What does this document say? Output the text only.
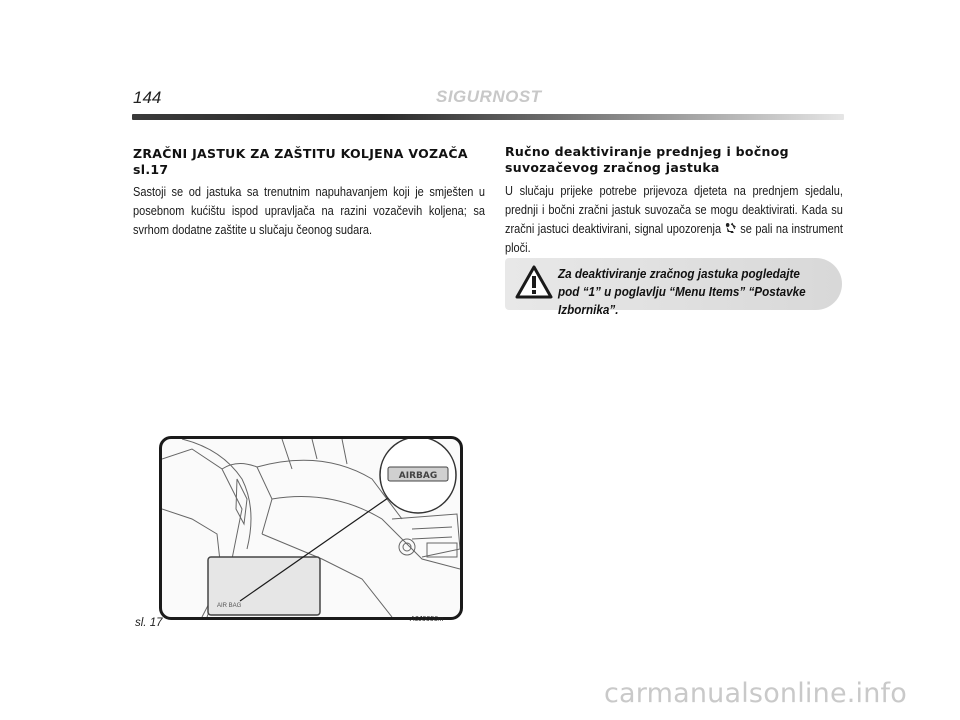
144	SIGURNOST
ZRAČNI JASTUK ZA ZAŠTITU KOLJENA VOZAČA sl.17
Sastoji se od jastuka sa trenutnim napuhavanjem koji je smješten u posebnom kućištu ispod upravljača na razini vozačevih koljena; sa svrhom dodatne zaštite u slučaju čeonog sudara.
Ručno deaktiviranje prednjeg i bočnog suvozačevog zračnog jastuka
U slučaju prijeke potrebe prijevoza djeteta na prednjem sjedalu, prednji i bočni zračni jastuk suvozača se mogu deaktivirati. Kada su zračni jastuci deaktivirani, signal upozorenja se pali na instrument ploči.
Za deaktiviranje zračnog jastuka pogledajte pod “1” u poglavlju “Menu Items” “Postavke Izbornika”.
AIR BAG
AIRBAG
sl. 17	A0J0056m
carmanualsonline.info
